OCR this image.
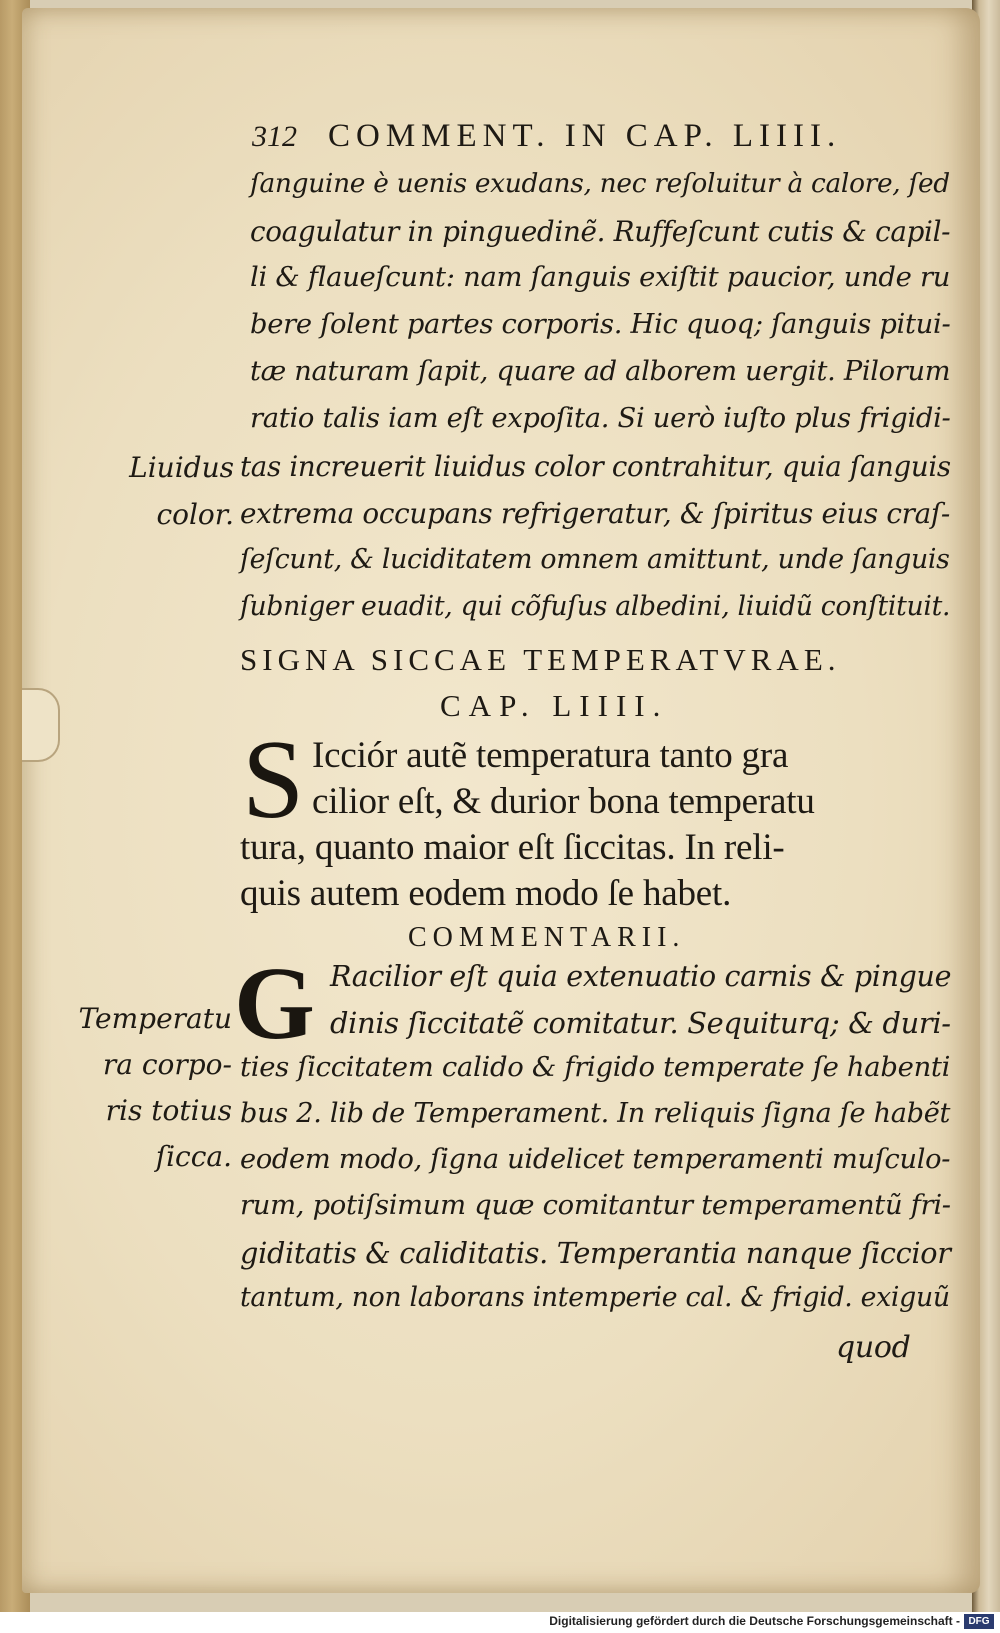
312 COMMENT. IN CAP. LIIII.
ſanguine è uenis exudans, nec reſoluitur à calore, ſed
coagulatur in pinguedinẽ. Ruffeſcunt cutis & capil-
li & flaueſcunt: nam ſanguis exiſtit paucior, unde ru
bere ſolent partes corporis. Hic quoq; ſanguis pitui-
tæ naturam ſapit, quare ad alborem uergit. Pilorum
ratio talis iam eſt expoſita. Si uerò iuſto plus frigidi-
tas increuerit liuidus color contrahitur, quia ſanguis
extrema occupans refrigeratur, & ſpiritus eius craſ-
ſeſcunt, & luciditatem omnem amittunt, unde ſanguis
ſubniger euadit, qui cõfuſus albedini, liuidũ conſtituit.
Liuidus
color.
SIGNA SICCAE TEMPERATVRAE.
CAP. LIIII.
S Icciór autẽ temperatura tanto gra
cilior eſt, & durior bona temperatu
tura, quanto maior eſt ſiccitas. In reli-
quis autem eodem modo ſe habet.
COMMENTARII.
G Racilior eſt quia extenuatio carnis & pingue
dinis ſiccitatẽ comitatur. Sequiturq; & duri-
ties ſiccitatem calido & frigido temperate ſe habenti
bus 2. lib de Temperament. In reliquis ſigna ſe habẽt
eodem modo, ſigna uidelicet temperamenti muſculo-
rum, potiſsimum quæ comitantur temperamentũ fri-
giditatis & caliditatis. Temperantia nanque ſiccior
tantum, non laborans intemperie cal. & frigid. exiguũ
Temperatu
ra corpo-
ris totius
ſicca.
quod
Digitalisierung gefördert durch die Deutsche Forschungsgemeinschaft - DFG
